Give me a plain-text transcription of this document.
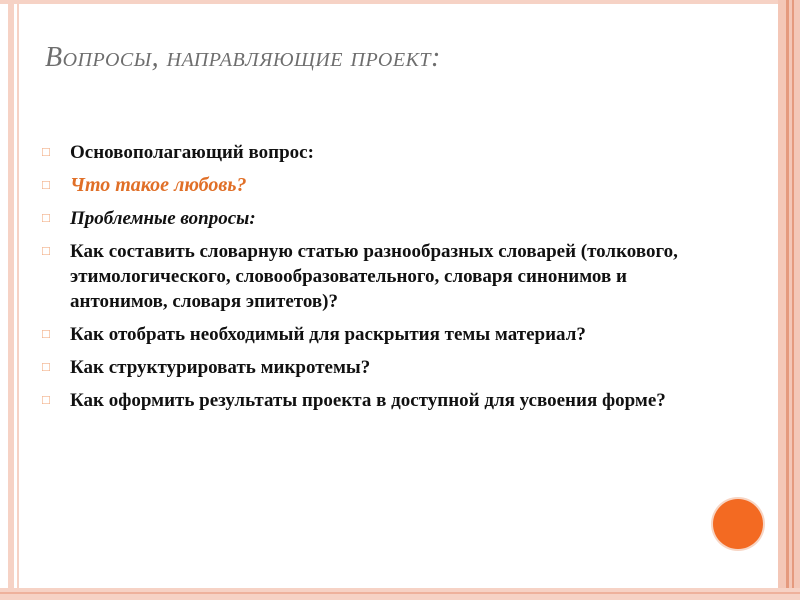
Вопросы, направляющие проект:
□	Основополагающий вопрос:
□	Что такое любовь?
□	Проблемные вопросы:
□	Как составить словарную статью разнообразных словарей (толкового, этимологического, словообразовательного, словаря синонимов и антонимов, словаря эпитетов)?
□	Как отобрать необходимый для раскрытия темы материал?
□	Как структурировать микротемы?
□	Как оформить результаты проекта в доступной для усвоения форме?
